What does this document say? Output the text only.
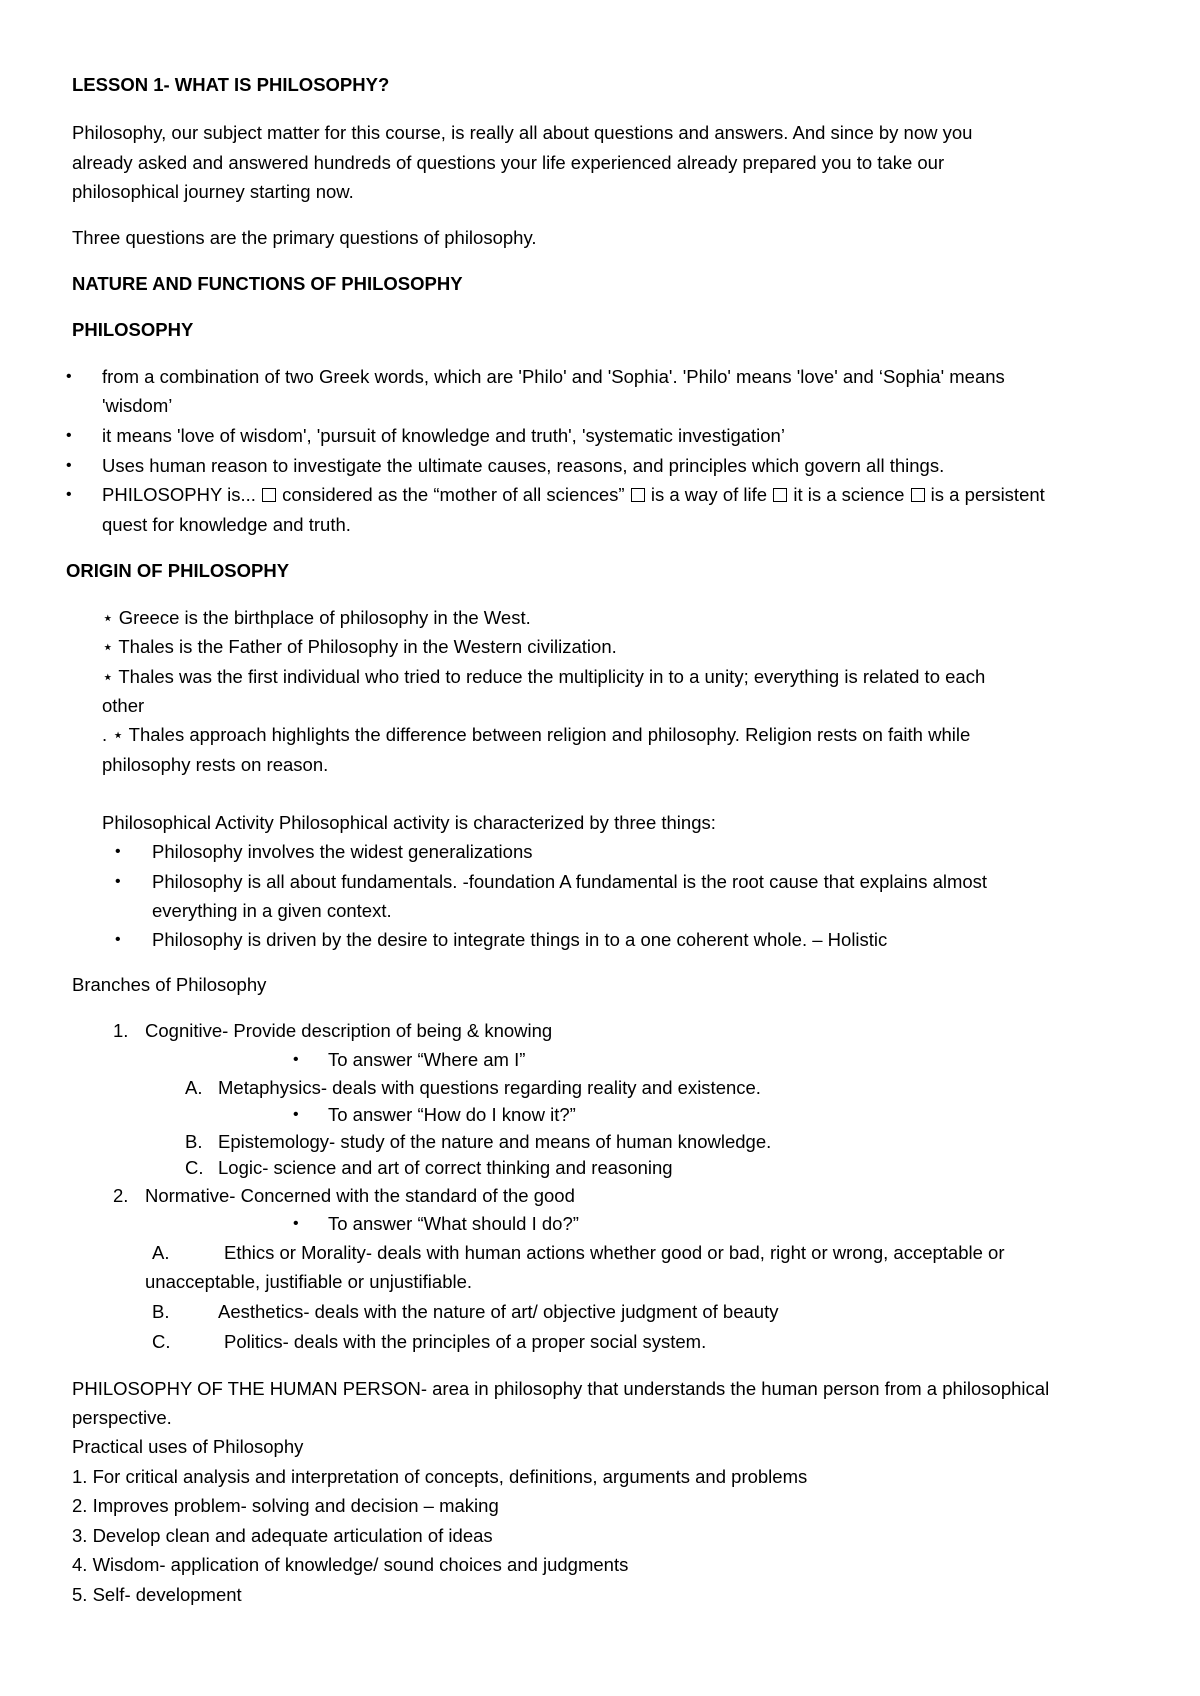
LESSON 1- WHAT IS PHILOSOPHY?
Philosophy, our subject matter for this course, is really all about questions and answers. And since by now you
already asked and answered hundreds of questions your life experienced already prepared you to take our
philosophical journey starting now.
Three questions are the primary questions of philosophy.
NATURE AND FUNCTIONS OF PHILOSOPHY
PHILOSOPHY
• from a combination of two Greek words, which are 'Philo' and 'Sophia'. 'Philo' means 'love' and ‘Sophia' means
'wisdom’
• it means 'love of wisdom', 'pursuit of knowledge and truth', 'systematic investigation’
• Uses human reason to investigate the ultimate causes, reasons, and principles which govern all things.
• PHILOSOPHY is...  considered as the “mother of all sciences”  is a way of life  it is a science  is a persistent
quest for knowledge and truth.
ORIGIN OF PHILOSOPHY
⋆ Greece is the birthplace of philosophy in the West.
⋆ Thales is the Father of Philosophy in the Western civilization.
⋆ Thales was the first individual who tried to reduce the multiplicity in to a unity; everything is related to each
other
. ⋆ Thales approach highlights the difference between religion and philosophy. Religion rests on faith while
philosophy rests on reason.
Philosophical Activity Philosophical activity is characterized by three things:
• Philosophy involves the widest generalizations
• Philosophy is all about fundamentals. -foundation A fundamental is the root cause that explains almost
everything in a given context.
• Philosophy is driven by the desire to integrate things in to a one coherent whole. – Holistic
Branches of Philosophy
1. Cognitive- Provide description of being & knowing
• To answer “Where am I”
A. Metaphysics- deals with questions regarding reality and existence.
• To answer “How do I know it?”
B. Epistemology- study of the nature and means of human knowledge.
C. Logic- science and art of correct thinking and reasoning
2. Normative- Concerned with the standard of the good
• To answer “What should I do?”
A.	Ethics or Morality- deals with human actions whether good or bad, right or wrong, acceptable or
unacceptable, justifiable or unjustifiable.
B.	Aesthetics- deals with the nature of art/ objective judgment of beauty
C.	Politics- deals with the principles of a proper social system.
PHILOSOPHY OF THE HUMAN PERSON- area in philosophy that understands the human person from a philosophical
perspective.
Practical uses of Philosophy
1. For critical analysis and interpretation of concepts, definitions, arguments and problems
2. Improves problem- solving and decision – making
3. Develop clean and adequate articulation of ideas
4. Wisdom- application of knowledge/ sound choices and judgments
5. Self- development
